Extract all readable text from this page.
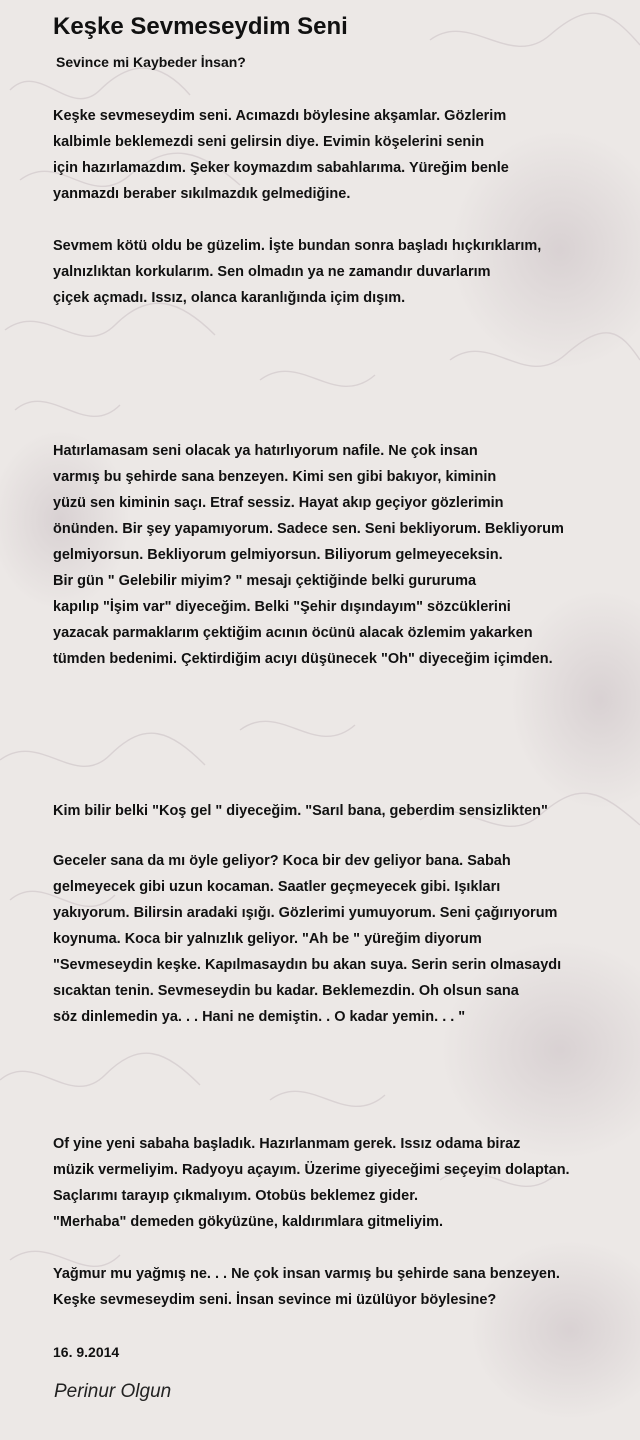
Keşke Sevmeseydim Seni

Sevince mi Kaybeder İnsan?

Keşke sevmeseydim seni. Acımazdı böylesine akşamlar. Gözlerim
kalbimle beklemezdi seni gelirsin diye. Evimin köşelerini senin
için hazırlamazdım. Şeker koymazdım sabahlarıma. Yüreğim benle
yanmazdı beraber sıkılmazdık gelmediğine.
Sevmem kötü oldu be güzelim. İşte bundan sonra başladı hıçkırıklarım,
yalnızlıktan korkularım. Sen olmadın ya ne zamandır duvarlarım
çiçek açmadı. Issız, olanca karanlığında içim dışım.
Hatırlamasam seni olacak ya hatırlıyorum nafile. Ne çok insan
varmış bu şehirde sana benzeyen. Kimi sen gibi bakıyor, kiminin
yüzü sen kiminin saçı. Etraf sessiz. Hayat akıp geçiyor gözlerimin
önünden. Bir şey yapamıyorum. Sadece sen. Seni bekliyorum. Bekliyorum
gelmiyorsun. Bekliyorum gelmiyorsun. Biliyorum gelmeyeceksin.
Bir gün " Gelebilir miyim? " mesajı çektiğinde belki gururuma
kapılıp "İşim var" diyeceğim. Belki "Şehir dışındayım" sözcüklerini
yazacak parmaklarım çektiğim acının öcünü alacak özlemim yakarken
tümden bedenimi. Çektirdiğim acıyı düşünecek "Oh" diyeceğim içimden.
Kim bilir belki "Koş gel " diyeceğim. "Sarıl bana, geberdim sensizlikten"
Geceler sana da mı öyle geliyor? Koca bir dev geliyor bana. Sabah
gelmeyecek gibi uzun kocaman. Saatler geçmeyecek gibi. Işıkları
yakıyorum. Bilirsin aradaki ışığı. Gözlerimi yumuyorum. Seni çağırıyorum
koynuma. Koca bir yalnızlık geliyor. "Ah be " yüreğim diyorum
"Sevmeseydin keşke. Kapılmasaydın bu akan suya. Serin serin olmasaydı
sıcaktan tenin. Sevmeseydin bu kadar. Beklemezdin. Oh olsun sana
söz dinlemedin ya. . . Hani ne demiştin. . O kadar yemin. . . "
Of yine yeni sabaha başladık. Hazırlanmam gerek. Issız odama biraz
müzik vermeliyim. Radyoyu açayım. Üzerime giyeceğimi seçeyim dolaptan.
Saçlarımı tarayıp çıkmalıyım. Otobüs beklemez gider.
"Merhaba" demeden gökyüzüne, kaldırımlara gitmeliyim.
Yağmur mu yağmış ne. . . Ne çok insan varmış bu şehirde sana benzeyen.
Keşke sevmeseydim seni. İnsan sevince mi üzülüyor böylesine?

16. 9.2014

Perinur Olgun
